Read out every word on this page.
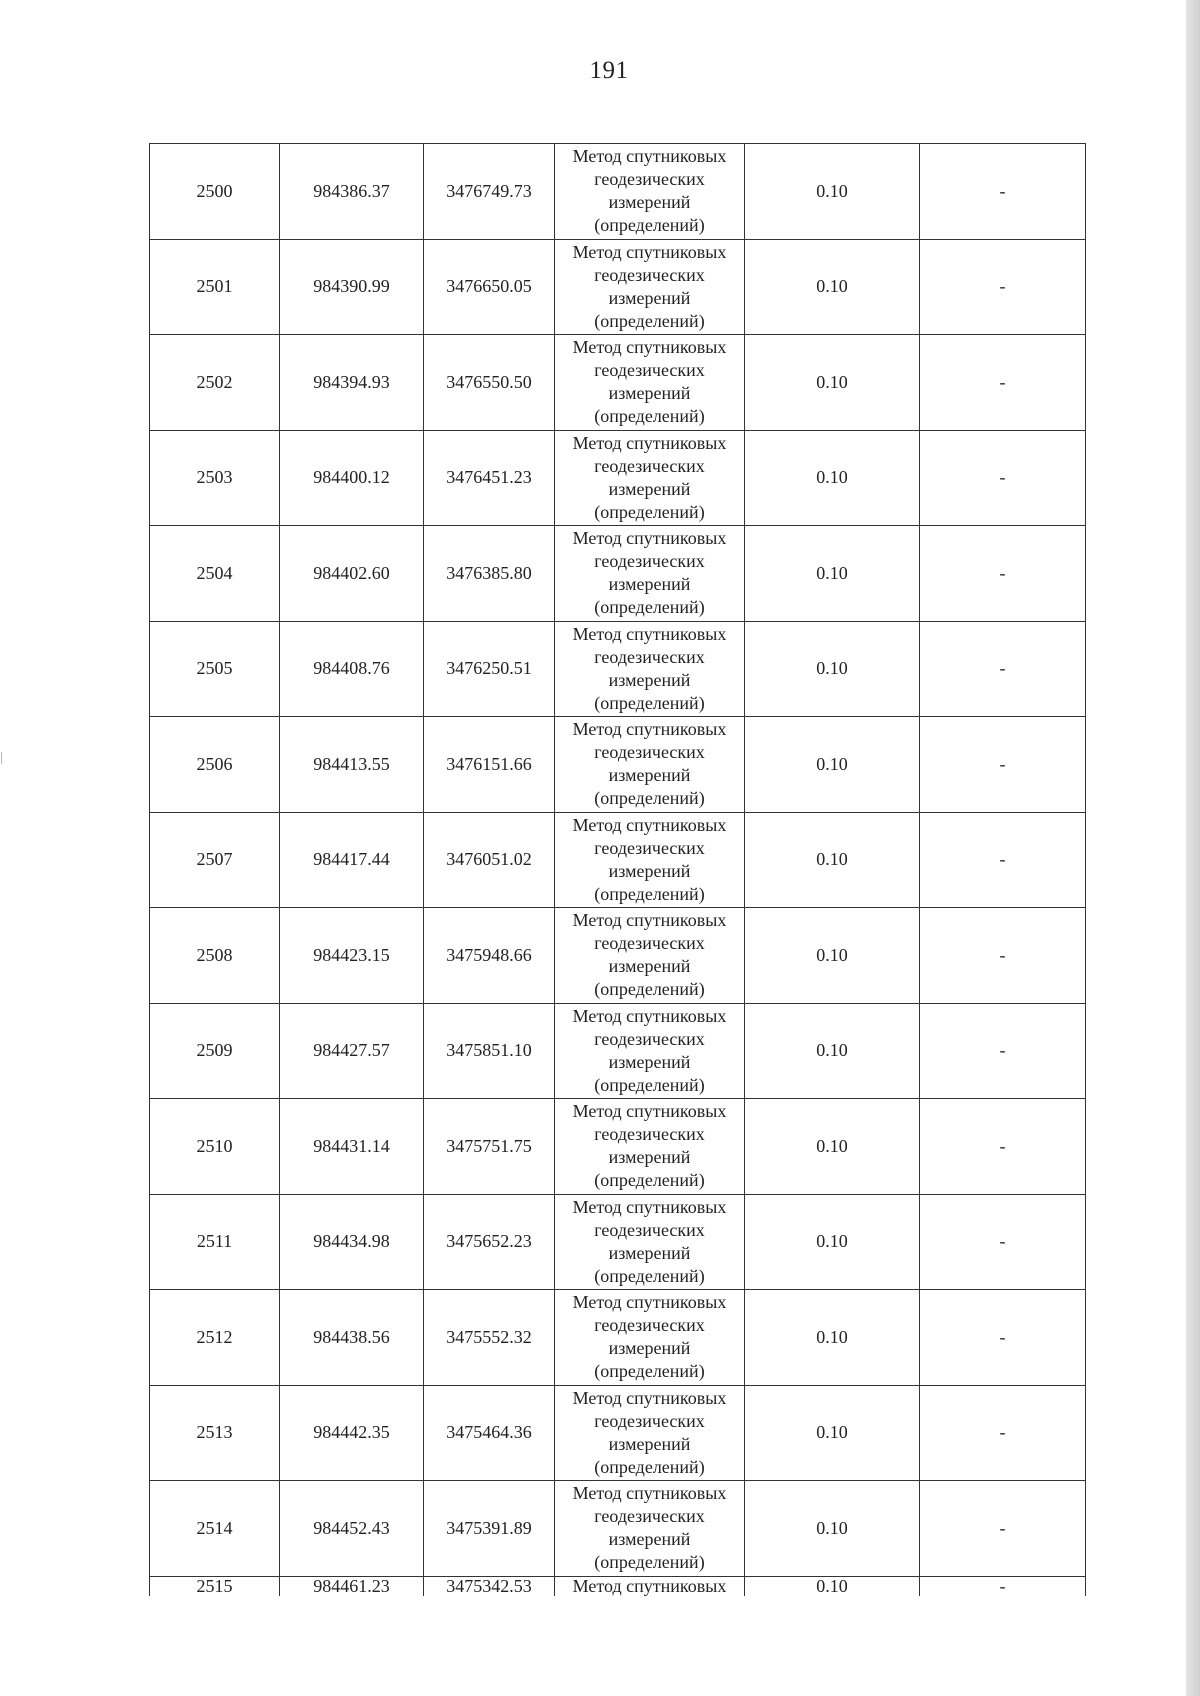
191
2500	984386.37	3476749.73	Метод спутниковых геодезических измерений (определений)	0.10	-
2501	984390.99	3476650.05	Метод спутниковых геодезических измерений (определений)	0.10	-
2502	984394.93	3476550.50	Метод спутниковых геодезических измерений (определений)	0.10	-
2503	984400.12	3476451.23	Метод спутниковых геодезических измерений (определений)	0.10	-
2504	984402.60	3476385.80	Метод спутниковых геодезических измерений (определений)	0.10	-
2505	984408.76	3476250.51	Метод спутниковых геодезических измерений (определений)	0.10	-
2506	984413.55	3476151.66	Метод спутниковых геодезических измерений (определений)	0.10	-
2507	984417.44	3476051.02	Метод спутниковых геодезических измерений (определений)	0.10	-
2508	984423.15	3475948.66	Метод спутниковых геодезических измерений (определений)	0.10	-
2509	984427.57	3475851.10	Метод спутниковых геодезических измерений (определений)	0.10	-
2510	984431.14	3475751.75	Метод спутниковых геодезических измерений (определений)	0.10	-
2511	984434.98	3475652.23	Метод спутниковых геодезических измерений (определений)	0.10	-
2512	984438.56	3475552.32	Метод спутниковых геодезических измерений (определений)	0.10	-
2513	984442.35	3475464.36	Метод спутниковых геодезических измерений (определений)	0.10	-
2514	984452.43	3475391.89	Метод спутниковых геодезических измерений (определений)	0.10	-
2515	984461.23	3475342.53	Метод спутниковых	0.10	-
